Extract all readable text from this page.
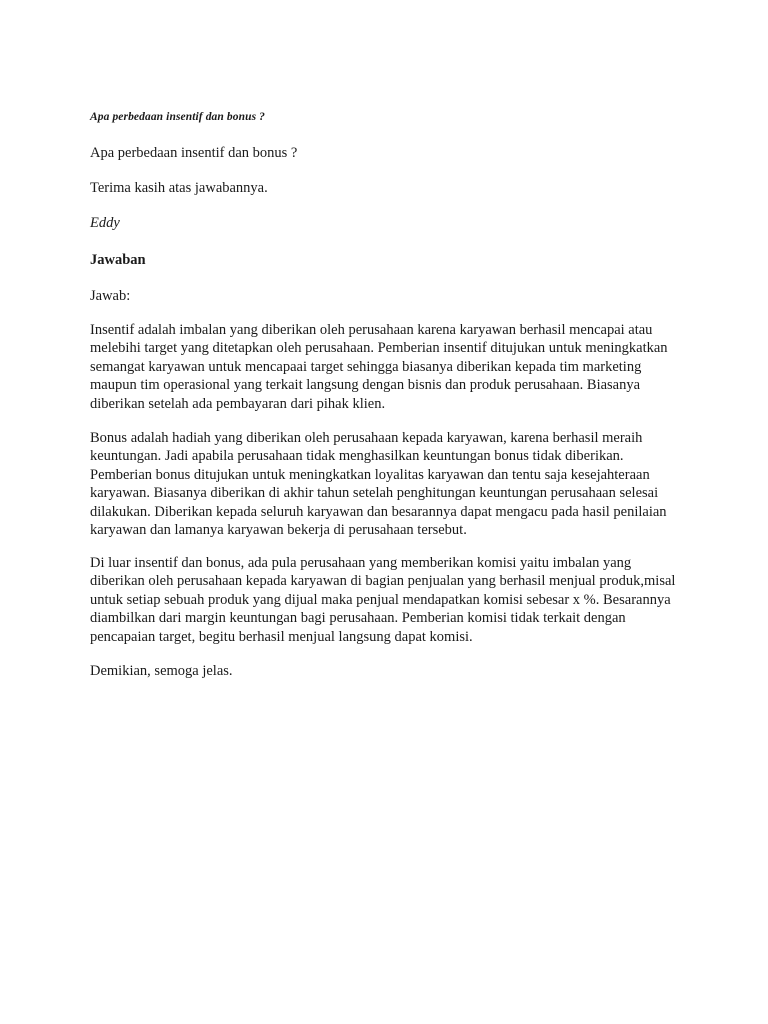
Apa perbedaan insentif dan bonus ?

Apa perbedaan insentif dan bonus ?

Terima kasih atas jawabannya.

Eddy

Jawaban

Jawab:

Insentif adalah imbalan yang diberikan oleh perusahaan karena karyawan berhasil mencapai atau melebihi target yang ditetapkan oleh perusahaan. Pemberian insentif ditujukan untuk meningkatkan semangat karyawan untuk mencapaai target sehingga biasanya diberikan kepada tim marketing maupun tim operasional yang terkait langsung dengan bisnis dan produk perusahaan. Biasanya diberikan setelah ada pembayaran dari pihak klien.

Bonus adalah hadiah yang diberikan oleh perusahaan kepada karyawan, karena berhasil meraih keuntungan. Jadi apabila perusahaan tidak menghasilkan keuntungan bonus tidak diberikan. Pemberian bonus ditujukan untuk meningkatkan loyalitas karyawan dan tentu saja kesejahteraan karyawan. Biasanya diberikan di akhir tahun setelah penghitungan keuntungan perusahaan selesai dilakukan. Diberikan kepada seluruh karyawan dan besarannya dapat mengacu pada hasil penilaian karyawan dan lamanya karyawan bekerja di perusahaan tersebut.

Di luar insentif dan bonus, ada pula perusahaan yang memberikan komisi yaitu imbalan yang diberikan oleh perusahaan kepada karyawan di bagian penjualan yang berhasil menjual produk,misal untuk setiap sebuah produk yang dijual maka penjual mendapatkan komisi sebesar x %. Besarannya diambilkan dari margin keuntungan bagi perusahaan. Pemberian komisi tidak terkait dengan pencapaian target, begitu berhasil menjual langsung dapat komisi.

Demikian, semoga jelas.
